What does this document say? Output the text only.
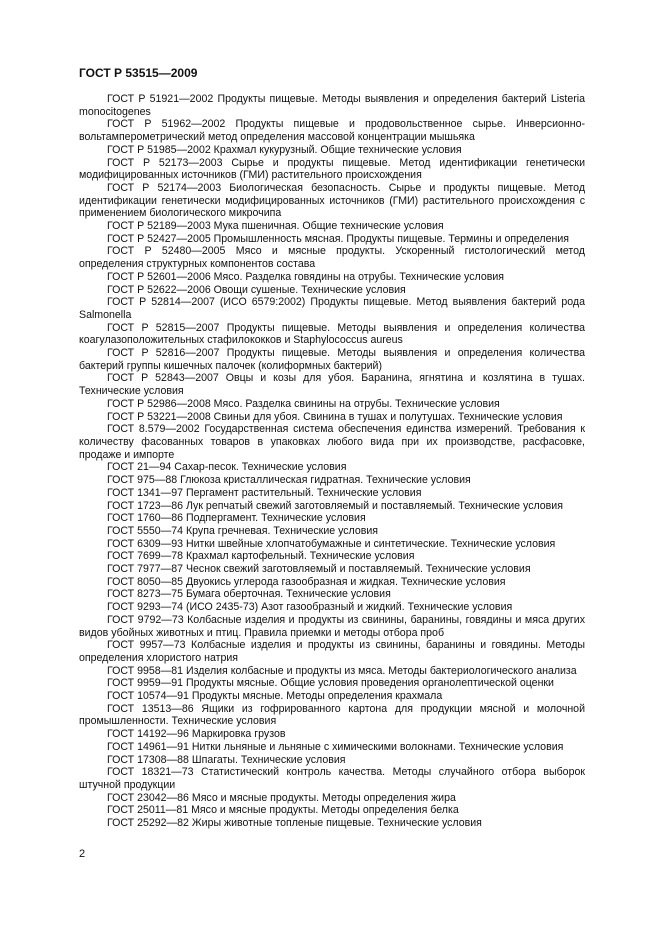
ГОСТ Р 53515—2009

ГОСТ Р 51921—2002 Продукты пищевые. Методы выявления и определения бактерий Listeria monocitogenes

ГОСТ Р 51962—2002 Продукты пищевые и продовольственное сырье. Инверсионно-вольтамперометрический метод определения массовой концентрации мышьяка

ГОСТ Р 51985—2002 Крахмал кукурузный. Общие технические условия

ГОСТ Р 52173—2003 Сырье и продукты пищевые. Метод идентификации генетически модифицированных источников (ГМИ) растительного происхождения

ГОСТ Р 52174—2003 Биологическая безопасность. Сырье и продукты пищевые. Метод идентификации генетически модифицированных источников (ГМИ) растительного происхождения с применением биологического микрочипа

ГОСТ Р 52189—2003 Мука пшеничная. Общие технические условия

ГОСТ Р 52427—2005 Промышленность мясная. Продукты пищевые. Термины и определения

ГОСТ Р 52480—2005 Мясо и мясные продукты. Ускоренный гистологический метод определения структурных компонентов состава

ГОСТ Р 52601—2006 Мясо. Разделка говядины на отрубы. Технические условия

ГОСТ Р 52622—2006 Овощи сушеные. Технические условия

ГОСТ Р 52814—2007 (ИСО 6579:2002) Продукты пищевые. Метод выявления бактерий рода Salmonella

ГОСТ Р 52815—2007 Продукты пищевые. Методы выявления и определения количества коагулазоположительных стафилококков и Staphylococcus aureus

ГОСТ Р 52816—2007 Продукты пищевые. Методы выявления и определения количества бактерий группы кишечных палочек (колиформных бактерий)

ГОСТ Р 52843—2007 Овцы и козы для убоя. Баранина, ягнятина и козлятина в тушах. Технические условия

ГОСТ Р 52986—2008 Мясо. Разделка свинины на отрубы. Технические условия

ГОСТ Р 53221—2008 Свиньи для убоя. Свинина в тушах и полутушах. Технические условия

ГОСТ 8.579—2002 Государственная система обеспечения единства измерений. Требования к количеству фасованных товаров в упаковках любого вида при их производстве, расфасовке, продаже и импорте

ГОСТ 21—94 Сахар-песок. Технические условия

ГОСТ 975—88 Глюкоза кристаллическая гидратная. Технические условия

ГОСТ 1341—97 Пергамент растительный. Технические условия

ГОСТ 1723—86 Лук репчатый свежий заготовляемый и поставляемый. Технические условия

ГОСТ 1760—86 Подпергамент. Технические условия

ГОСТ 5550—74 Крупа гречневая. Технические условия

ГОСТ 6309—93 Нитки швейные хлопчатобумажные и синтетические. Технические условия

ГОСТ 7699—78 Крахмал картофельный. Технические условия

ГОСТ 7977—87 Чеснок свежий заготовляемый и поставляемый. Технические условия

ГОСТ 8050—85 Двуокись углерода газообразная и жидкая. Технические условия

ГОСТ 8273—75 Бумага оберточная. Технические условия

ГОСТ 9293—74 (ИСО 2435-73) Азот газообразный и жидкий. Технические условия

ГОСТ 9792—73 Колбасные изделия и продукты из свинины, баранины, говядины и мяса других видов убойных животных и птиц. Правила приемки и методы отбора проб

ГОСТ 9957—73 Колбасные изделия и продукты из свинины, баранины и говядины. Методы определения хлористого натрия

ГОСТ 9958—81 Изделия колбасные и продукты из мяса. Методы бактериологического анализа

ГОСТ 9959—91 Продукты мясные. Общие условия проведения органолептической оценки

ГОСТ 10574—91 Продукты мясные. Методы определения крахмала

ГОСТ 13513—86 Ящики из гофрированного картона для продукции мясной и молочной промышленности. Технические условия

ГОСТ 14192—96 Маркировка грузов

ГОСТ 14961—91 Нитки льняные и льняные с химическими волокнами. Технические условия

ГОСТ 17308—88 Шпагаты. Технические условия

ГОСТ 18321—73 Статистический контроль качества. Методы случайного отбора выборок штучной продукции

ГОСТ 23042—86 Мясо и мясные продукты. Методы определения жира

ГОСТ 25011—81 Мясо и мясные продукты. Методы определения белка

ГОСТ 25292—82 Жиры животные топленые пищевые. Технические условия

2
